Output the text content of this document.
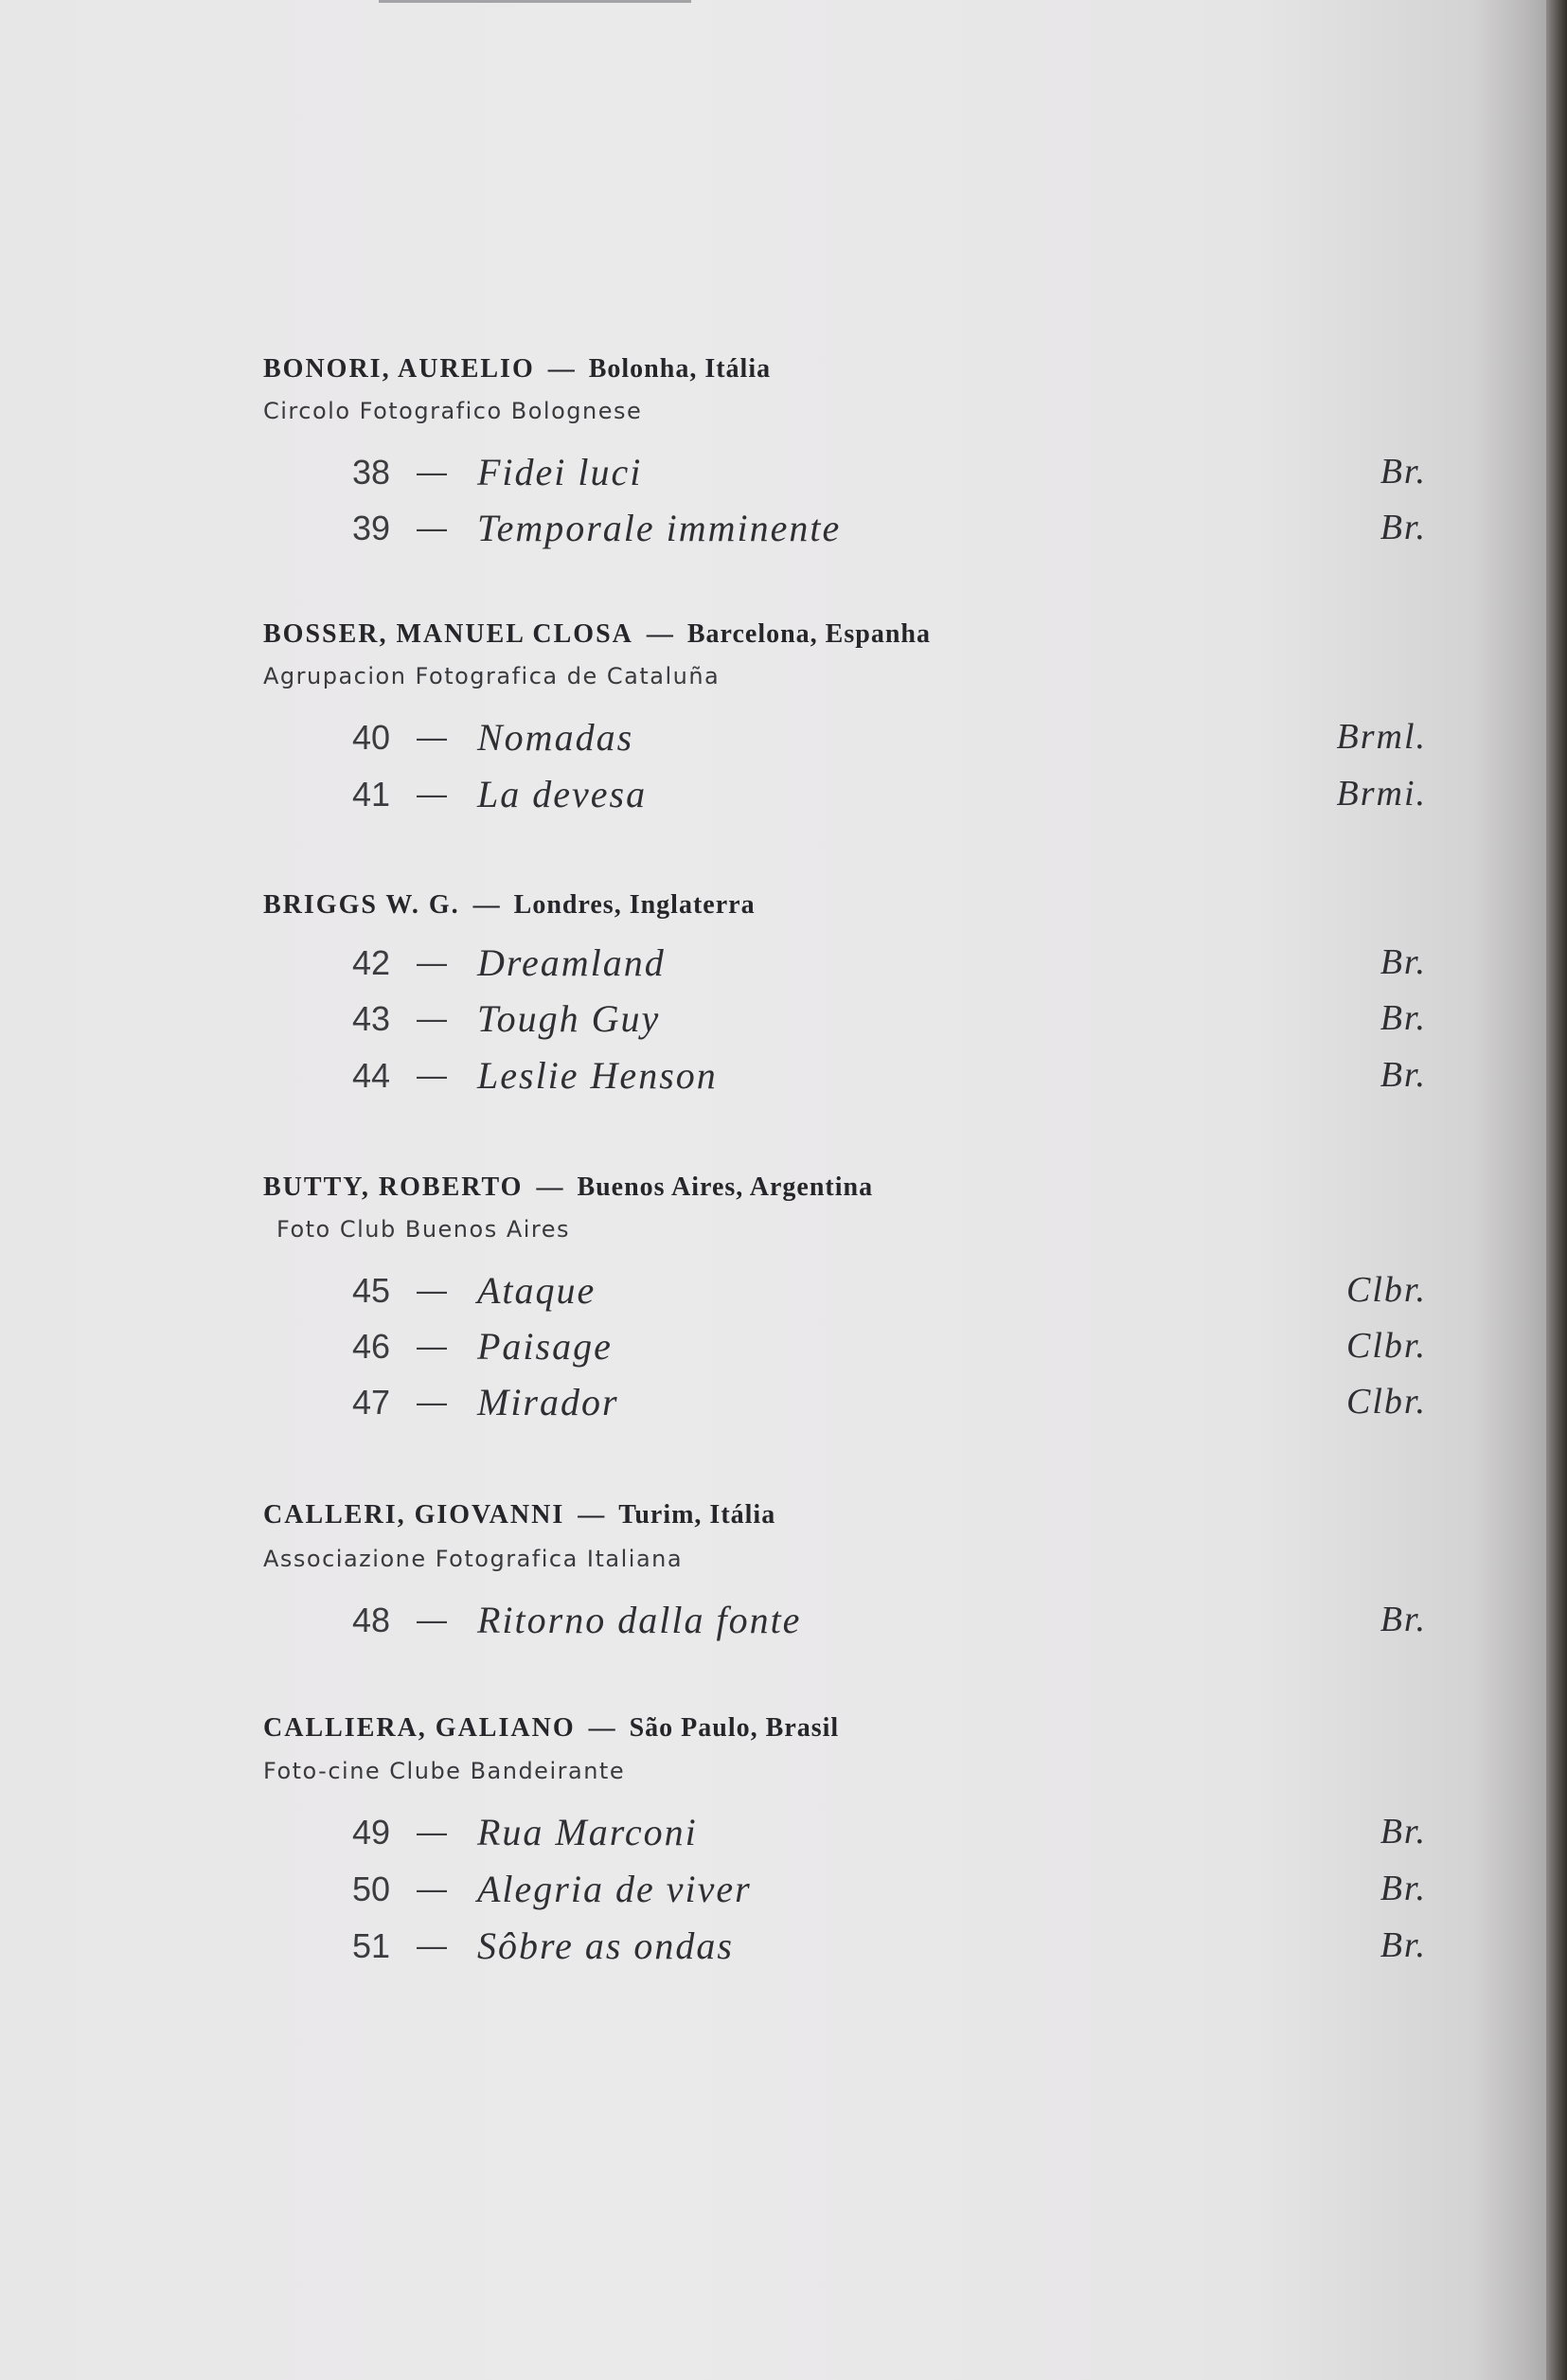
BONORI, AURELIO — Bolonha, Itália
Circolo Fotografico Bolognese
38 — Fidei luci	Br.
39 — Temporale imminente	Br.
BOSSER, MANUEL CLOSA — Barcelona, Espanha
Agrupacion Fotografica de Cataluña
40 — Nomadas	Brml.
41 — La devesa	Brmi.
BRIGGS W. G. — Londres, Inglaterra
42 — Dreamland	Br.
43 — Tough Guy	Br.
44 — Leslie Henson	Br.
BUTTY, ROBERTO — Buenos Aires, Argentina
Foto Club Buenos Aires
45 — Ataque	Clbr.
46 — Paisage	Clbr.
47 — Mirador	Clbr.
CALLERI, GIOVANNI — Turim, Itália
Associazione Fotografica Italiana
48 — Ritorno dalla fonte	Br.
CALLIERA, GALIANO — São Paulo, Brasil
Foto-cine Clube Bandeirante
49 — Rua Marconi	Br.
50 — Alegria de viver	Br.
51 — Sôbre as ondas	Br.
